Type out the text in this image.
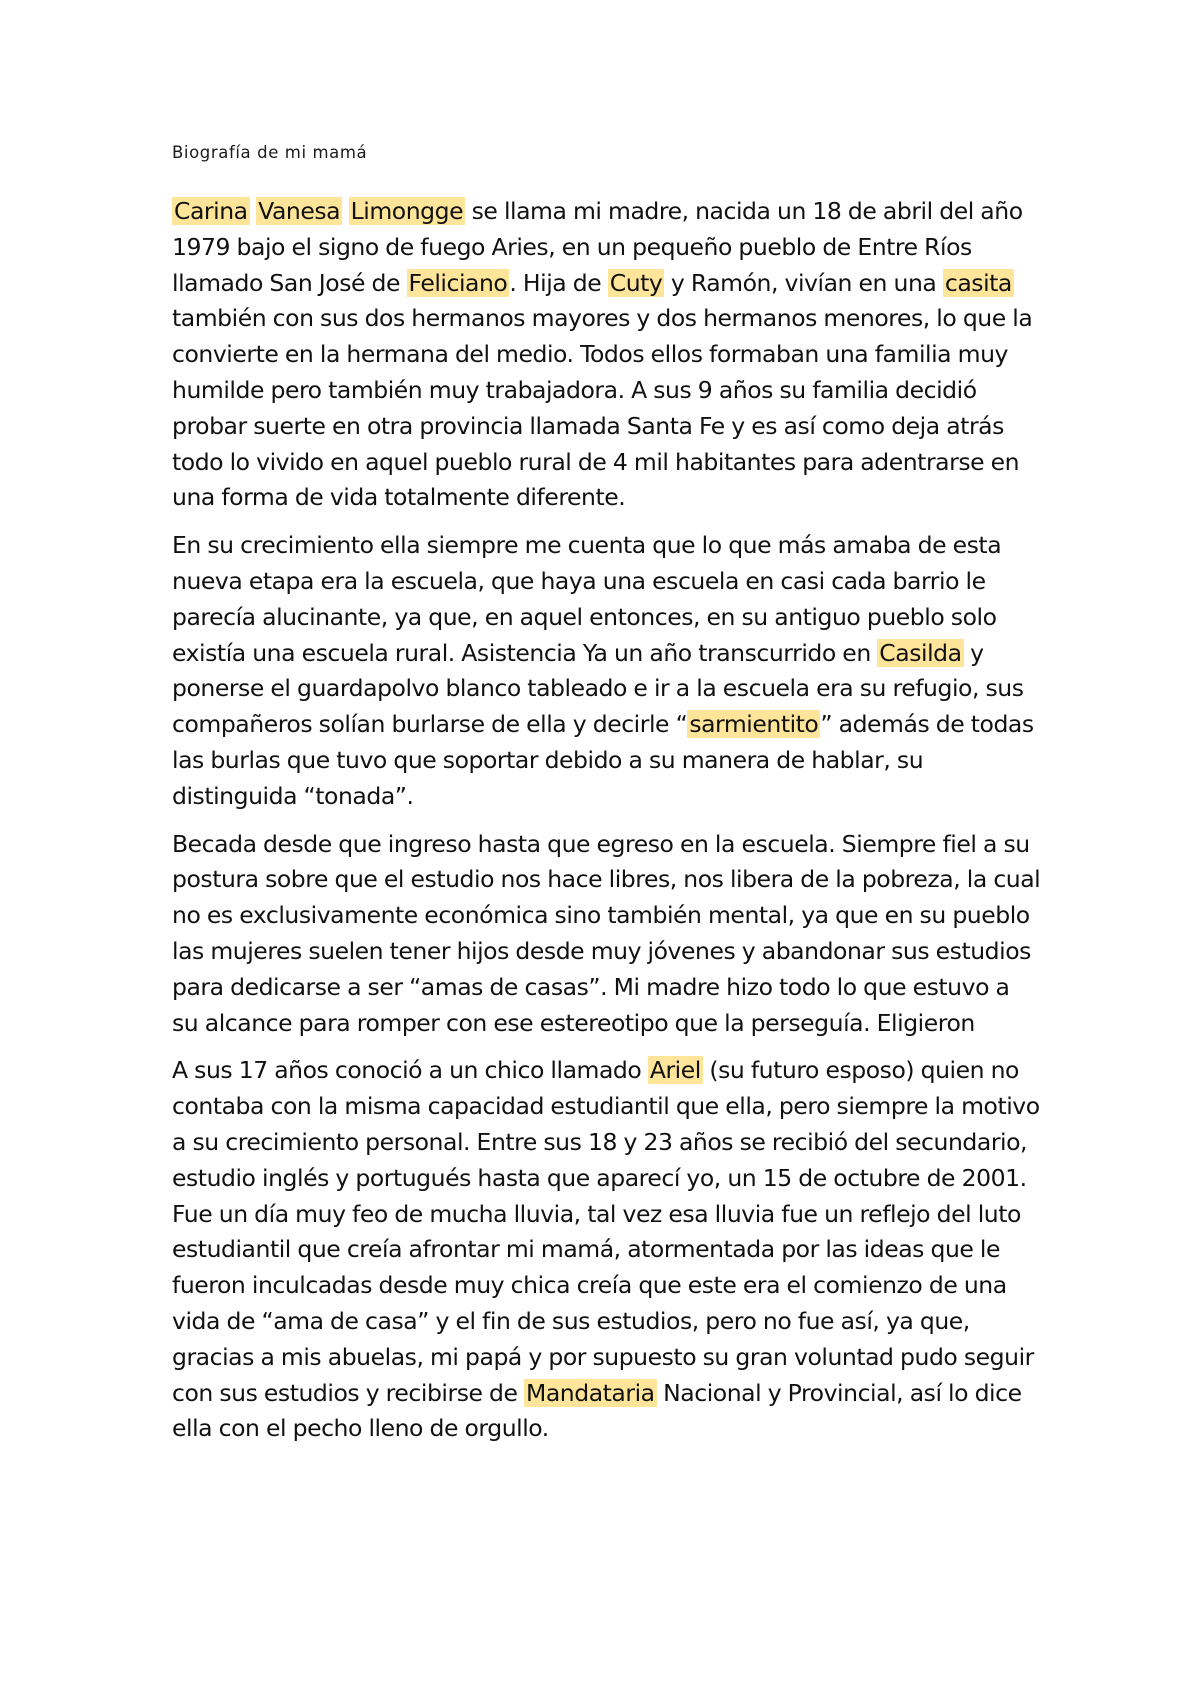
Biografía de mi mamá

Carina Vanesa Limongge se llama mi madre, nacida un 18 de abril del año 1979 bajo el signo de fuego Aries, en un pequeño pueblo de Entre Ríos llamado San José de Feliciano. Hija de Cuty y Ramón, vivían en una casita también con sus dos hermanos mayores y dos hermanos menores, lo que la convierte en la hermana del medio. Todos ellos formaban una familia muy humilde pero también muy trabajadora. A sus 9 años su familia decidió probar suerte en otra provincia llamada Santa Fe y es así como deja atrás todo lo vivido en aquel pueblo rural de 4 mil habitantes para adentrarse en una forma de vida totalmente diferente.

En su crecimiento ella siempre me cuenta que lo que más amaba de esta nueva etapa era la escuela, que haya una escuela en casi cada barrio le parecía alucinante, ya que, en aquel entonces, en su antiguo pueblo solo existía una escuela rural. Asistencia Ya un año transcurrido en Casilda y ponerse el guardapolvo blanco tableado e ir a la escuela era su refugio, sus compañeros solían burlarse de ella y decirle “sarmientito” además de todas las burlas que tuvo que soportar debido a su manera de hablar, su distinguida “tonada”.

Becada desde que ingreso hasta que egreso en la escuela. Siempre fiel a su postura sobre que el estudio nos hace libres, nos libera de la pobreza, la cual no es exclusivamente económica sino también mental, ya que en su pueblo las mujeres suelen tener hijos desde muy jóvenes y abandonar sus estudios para dedicarse a ser “amas de casas”. Mi madre hizo todo lo que estuvo a su alcance para romper con ese estereotipo que la perseguía. Eligieron

A sus 17 años conoció a un chico llamado Ariel (su futuro esposo) quien no contaba con la misma capacidad estudiantil que ella, pero siempre la motivo a su crecimiento personal. Entre sus 18 y 23 años se recibió del secundario, estudio inglés y portugués hasta que aparecí yo, un 15 de octubre de 2001. Fue un día muy feo de mucha lluvia, tal vez esa lluvia fue un reflejo del luto estudiantil que creía afrontar mi mamá, atormentada por las ideas que le fueron inculcadas desde muy chica creía que este era el comienzo de una vida de “ama de casa” y el fin de sus estudios, pero no fue así, ya que, gracias a mis abuelas, mi papá y por supuesto su gran voluntad pudo seguir con sus estudios y recibirse de Mandataria Nacional y Provincial, así lo dice ella con el pecho lleno de orgullo.
